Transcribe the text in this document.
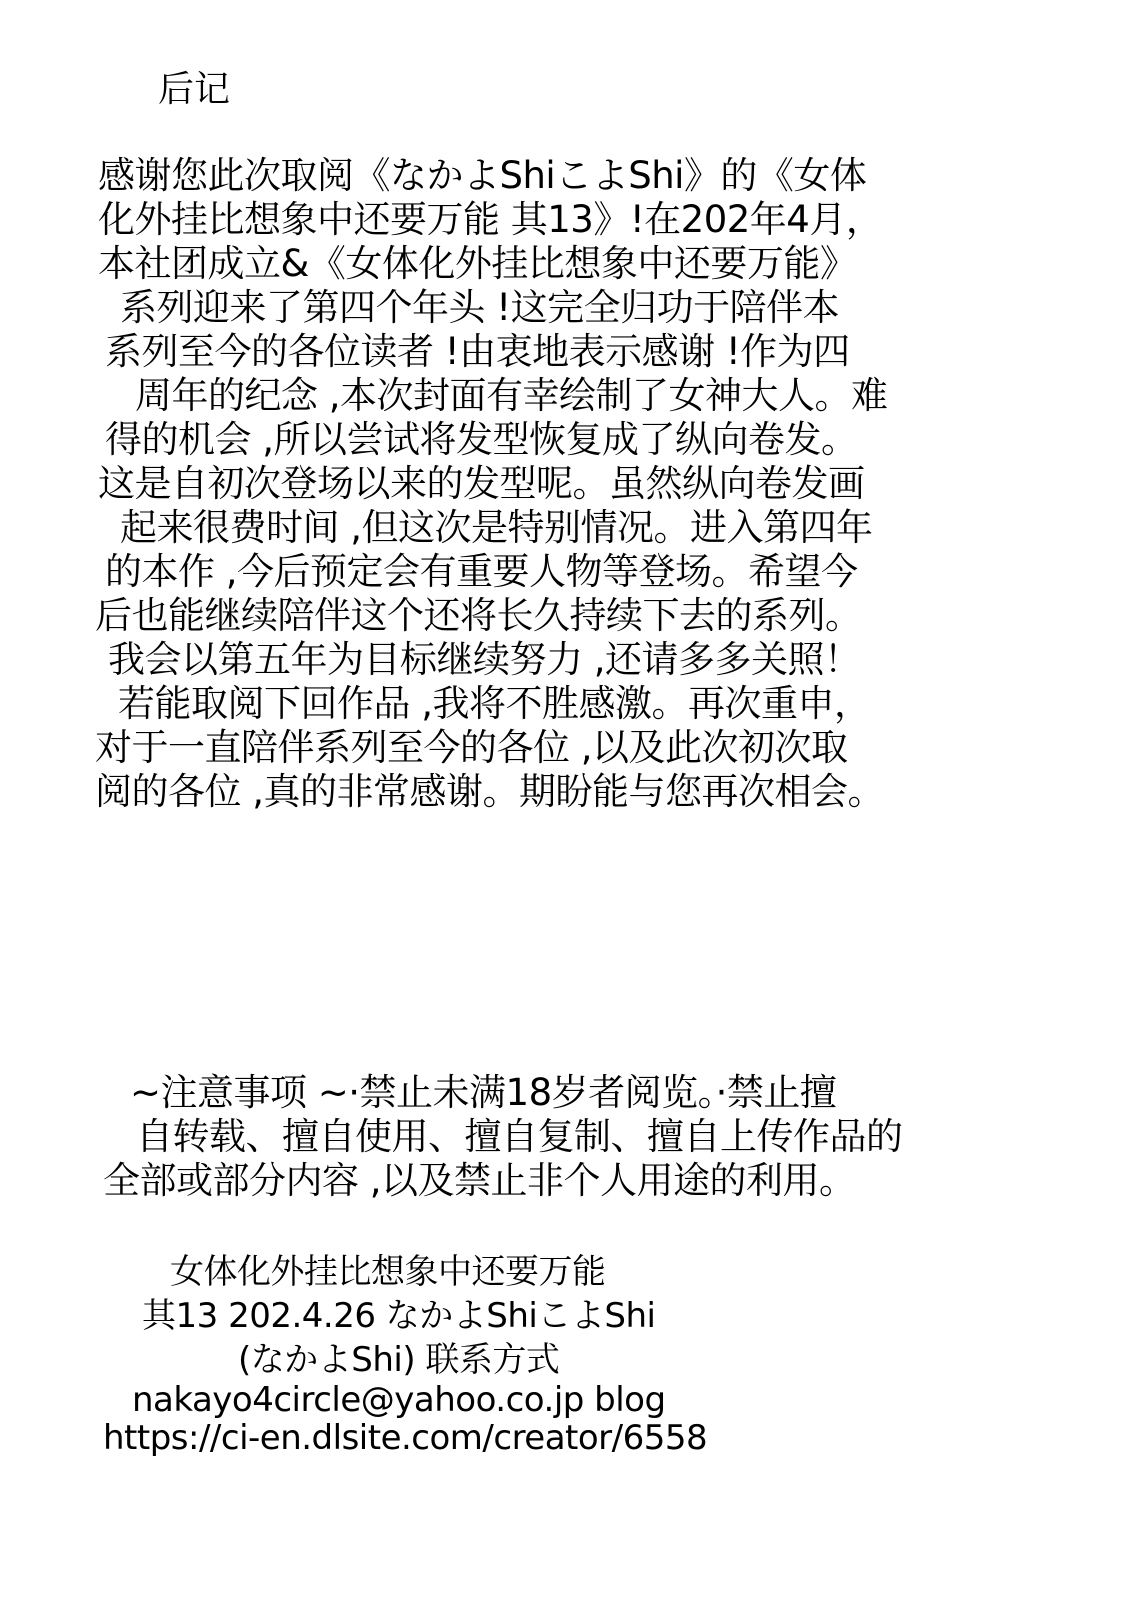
后记
感谢您此次取阅《なかよShiこよShi》的《女体
化外挂比想象中还要万能 其13》!在202年4月，
本社团成立&《女体化外挂比想象中还要万能》
系列迎来了第四个年头 !这完全归功于陪伴本
系列至今的各位读者 !由衷地表示感谢 !作为四
周年的纪念 ,本次封面有幸绘制了女神大人。难
得的机会 ,所以尝试将发型恢复成了纵向卷发。
这是自初次登场以来的发型呢。虽然纵向卷发画
起来很费时间 ,但这次是特别情况。进入第四年
的本作 ,今后预定会有重要人物等登场。希望今
后也能继续陪伴这个还将长久持续下去的系列。
我会以第五年为目标继续努力 ,还请多多关照！
若能取阅下回作品 ,我将不胜感激。再次重申，
对于一直陪伴系列至今的各位 ,以及此次初次取
阅的各位 ,真的非常感谢。期盼能与您再次相会。
~注意事项 ~·禁止未满18岁者阅览。·禁止擅
自转载、擅自使用、擅自复制、擅自上传作品的
全部或部分内容 ,以及禁止非个人用途的利用。
女体化外挂比想象中还要万能
其13 202.4.26 なかよShiこよShi
(なかよShi) 联系方式
nakayo4circle@yahoo.co.jp blog
https://ci-en.dlsite.com/creator/6558
